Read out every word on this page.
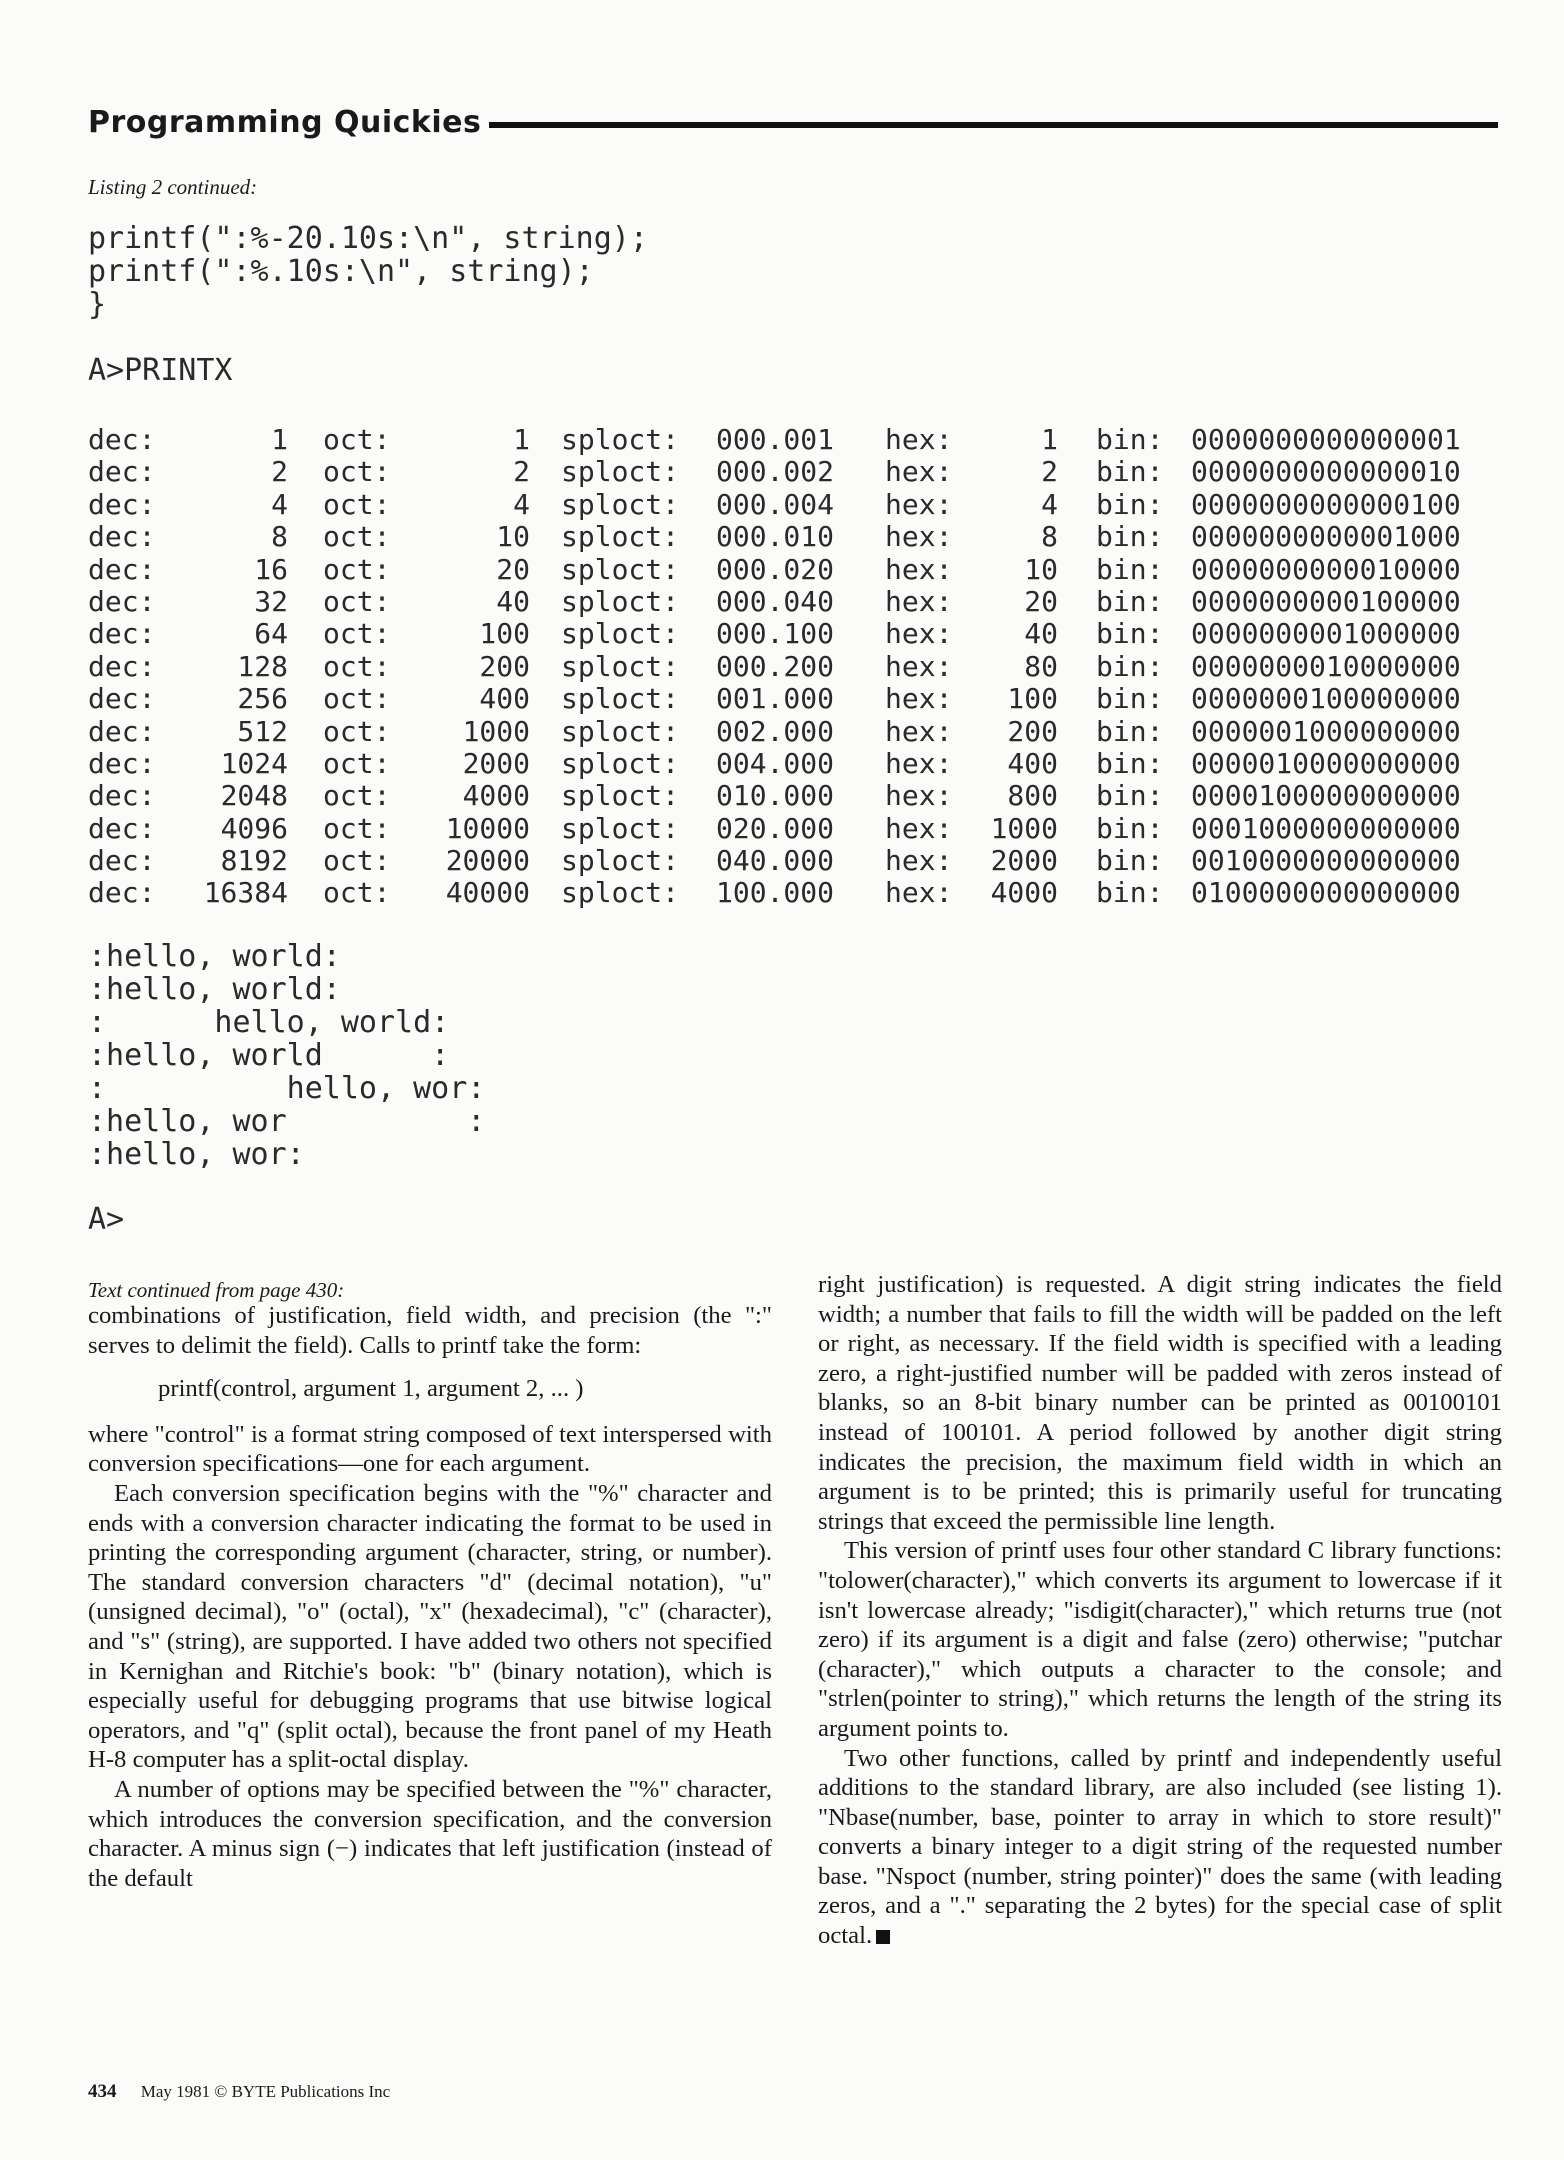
Programming Quickies
Listing 2 continued:
printf(":%-20.10s:\n", string);
printf(":%.10s:\n", string);
}

A>PRINTX
dec:	1 oct:	1 sploct: 000.001 hex:	1 bin: 0000000000000001
dec:	2 oct:	2 sploct: 000.002 hex:	2 bin: 0000000000000010
dec:	4 oct:	4 sploct: 000.004 hex:	4 bin: 0000000000000100
dec:	8 oct:	10 sploct: 000.010 hex:	8 bin: 0000000000001000
dec:	16 oct:	20 sploct: 000.020 hex:	10 bin: 0000000000010000
dec:	32 oct:	40 sploct: 000.040 hex:	20 bin: 0000000000100000
dec:	64 oct:	100 sploct: 000.100 hex:	40 bin: 0000000001000000
dec:	128 oct:	200 sploct: 000.200 hex:	80 bin: 0000000010000000
dec:	256 oct:	400 sploct: 001.000 hex:	100 bin: 0000000100000000
dec:	512 oct:	1000 sploct: 002.000 hex:	200 bin: 0000001000000000
dec:	1024 oct:	2000 sploct: 004.000 hex:	400 bin: 0000010000000000
dec:	2048 oct:	4000 sploct: 010.000 hex:	800 bin: 0000100000000000
dec:	4096 oct:	10000 sploct: 020.000 hex:	1000 bin: 0001000000000000
dec:	8192 oct:	20000 sploct: 040.000 hex:	2000 bin: 0010000000000000
dec:	16384 oct:	40000 sploct: 100.000 hex:	4000 bin: 0100000000000000
:hello, world:
:hello, world:
:      hello, world:
:hello, world      :
:          hello, wor:
:hello, wor          :
:hello, wor:
A>
Text continued from page 430:

combinations of justification, field width, and precision (the ":" serves to delimit the field). Calls to printf take the form:

printf(control, argument 1, argument 2, ... )

where "control" is a format string composed of text interspersed with conversion specifications—one for each argument.

Each conversion specification begins with the "%" character and ends with a conversion character indicating the format to be used in printing the corresponding argument (character, string, or number). The standard conversion characters "d" (decimal notation), "u" (unsigned decimal), "o" (octal), "x" (hexadecimal), "c" (character), and "s" (string), are supported. I have added two others not specified in Kernighan and Ritchie's book: "b" (binary notation), which is especially useful for debugging programs that use bitwise logical operators, and "q" (split octal), because the front panel of my Heath H-8 computer has a split-octal display.

A number of options may be specified between the "%" character, which introduces the conversion specification, and the conversion character. A minus sign (−) indicates that left justification (instead of the default

right justification) is requested. A digit string indicates the field width; a number that fails to fill the width will be padded on the left or right, as necessary. If the field width is specified with a leading zero, a right-justified number will be padded with zeros instead of blanks, so an 8-bit binary number can be printed as 00100101 instead of 100101. A period followed by another digit string indicates the precision, the maximum field width in which an argument is to be printed; this is primarily useful for truncating strings that exceed the permissible line length.

This version of printf uses four other standard C library functions: "tolower(character)," which converts its argument to lowercase if it isn't lowercase already; "isdigit(character)," which returns true (not zero) if its argument is a digit and false (zero) otherwise; "putchar (character)," which outputs a character to the console; and "strlen(pointer to string)," which returns the length of the string its argument points to.

Two other functions, called by printf and independently useful additions to the standard library, are also included (see listing 1). "Nbase(number, base, pointer to array in which to store result)" converts a binary integer to a digit string of the requested number base. "Nspoct (number, string pointer)" does the same (with leading zeros, and a "." separating the 2 bytes) for the special case of split octal.

434 May 1981 © BYTE Publications Inc
